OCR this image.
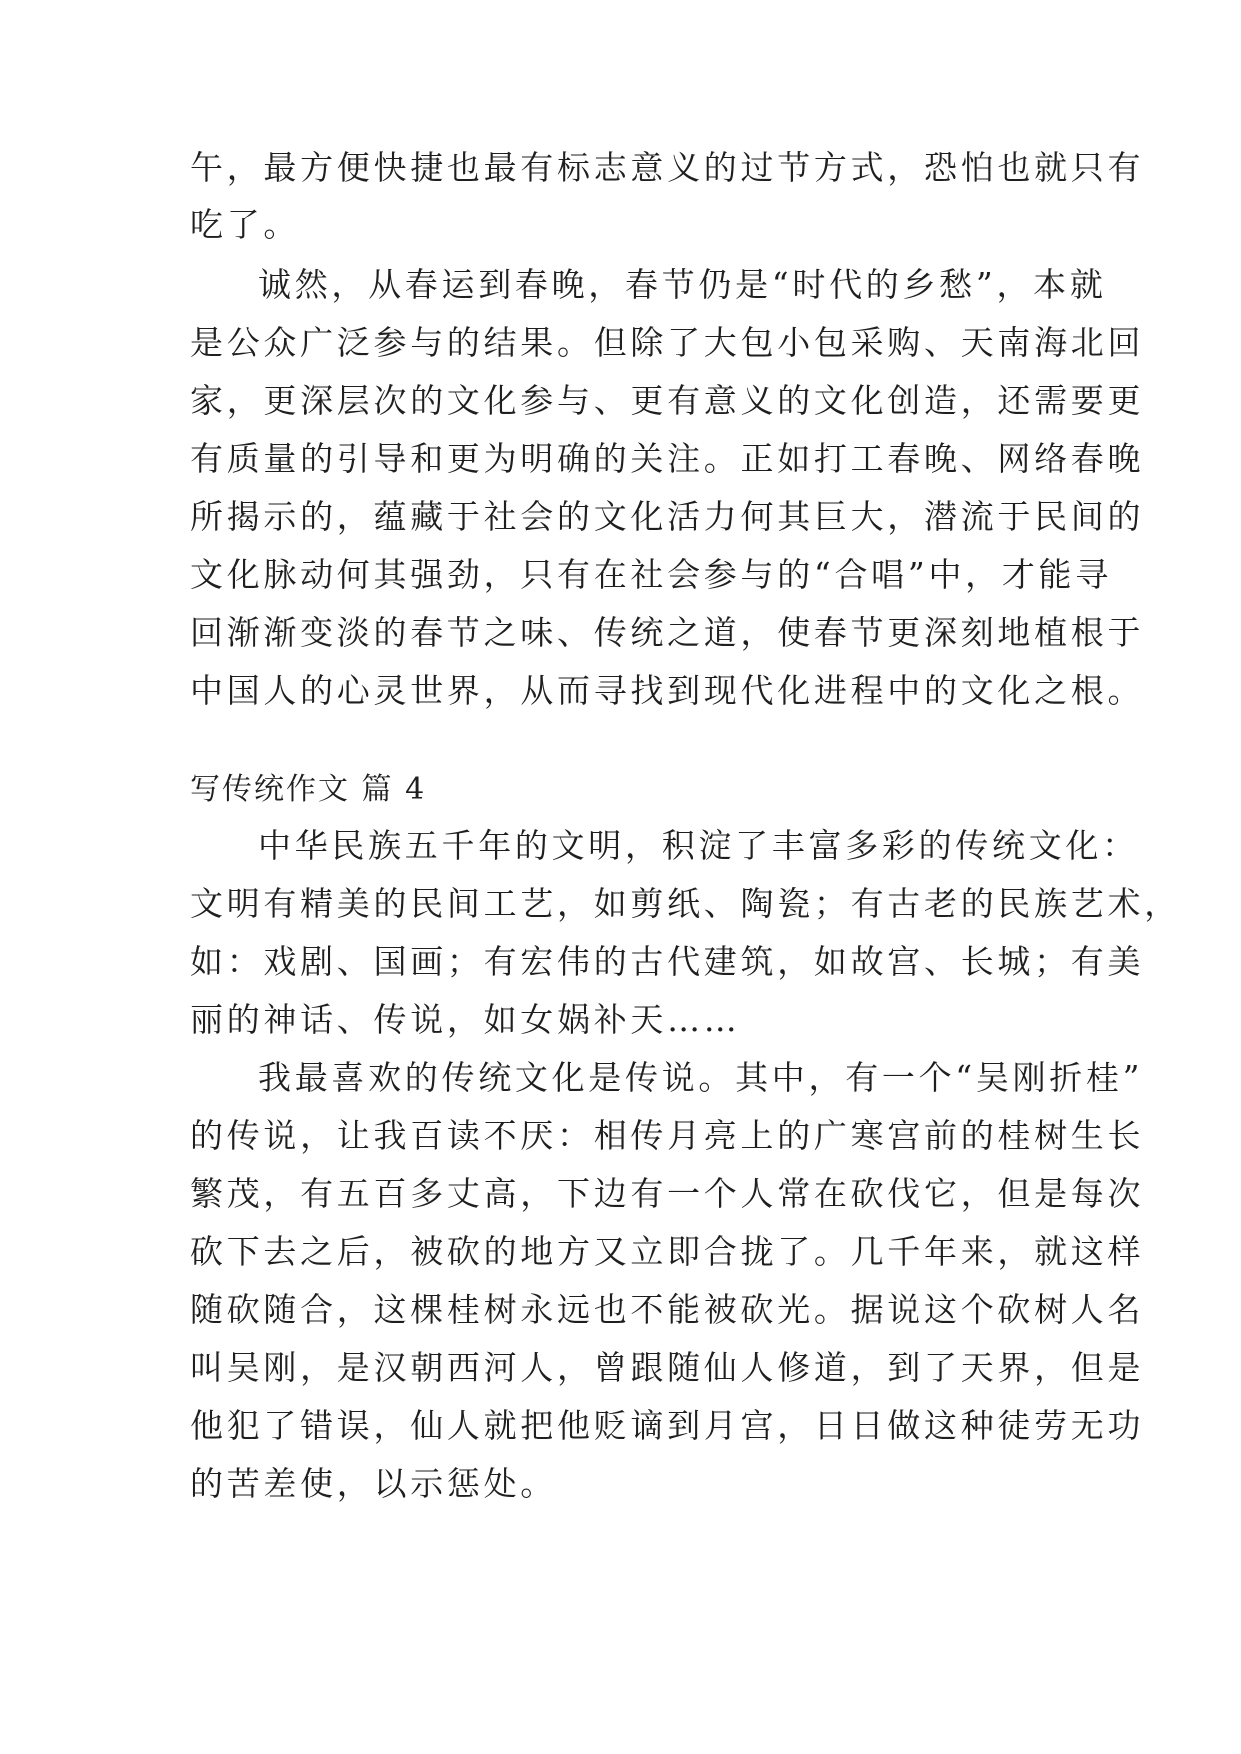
午，最方便快捷也最有标志意义的过节方式，恐怕也就只有
吃了。
诚然，从春运到春晚，春节仍是“时代的乡愁”，本就
是公众广泛参与的结果。但除了大包小包采购、天南海北回
家，更深层次的文化参与、更有意义的文化创造，还需要更
有质量的引导和更为明确的关注。正如打工春晚、网络春晚
所揭示的，蕴藏于社会的文化活力何其巨大，潜流于民间的
文化脉动何其强劲，只有在社会参与的“合唱”中，才能寻
回渐渐变淡的春节之味、传统之道，使春节更深刻地植根于
中国人的心灵世界，从而寻找到现代化进程中的文化之根。
写传统作文 篇 4
中华民族五千年的文明，积淀了丰富多彩的传统文化：
文明有精美的民间工艺，如剪纸、陶瓷；有古老的民族艺术，
如：戏剧、国画；有宏伟的古代建筑，如故宫、长城；有美
丽的神话、传说，如女娲补天……
我最喜欢的传统文化是传说。其中，有一个“吴刚折桂”
的传说，让我百读不厌：相传月亮上的广寒宫前的桂树生长
繁茂，有五百多丈高，下边有一个人常在砍伐它，但是每次
砍下去之后，被砍的地方又立即合拢了。几千年来，就这样
随砍随合，这棵桂树永远也不能被砍光。据说这个砍树人名
叫吴刚，是汉朝西河人，曾跟随仙人修道，到了天界，但是
他犯了错误，仙人就把他贬谪到月宫，日日做这种徒劳无功
的苦差使，以示惩处。
